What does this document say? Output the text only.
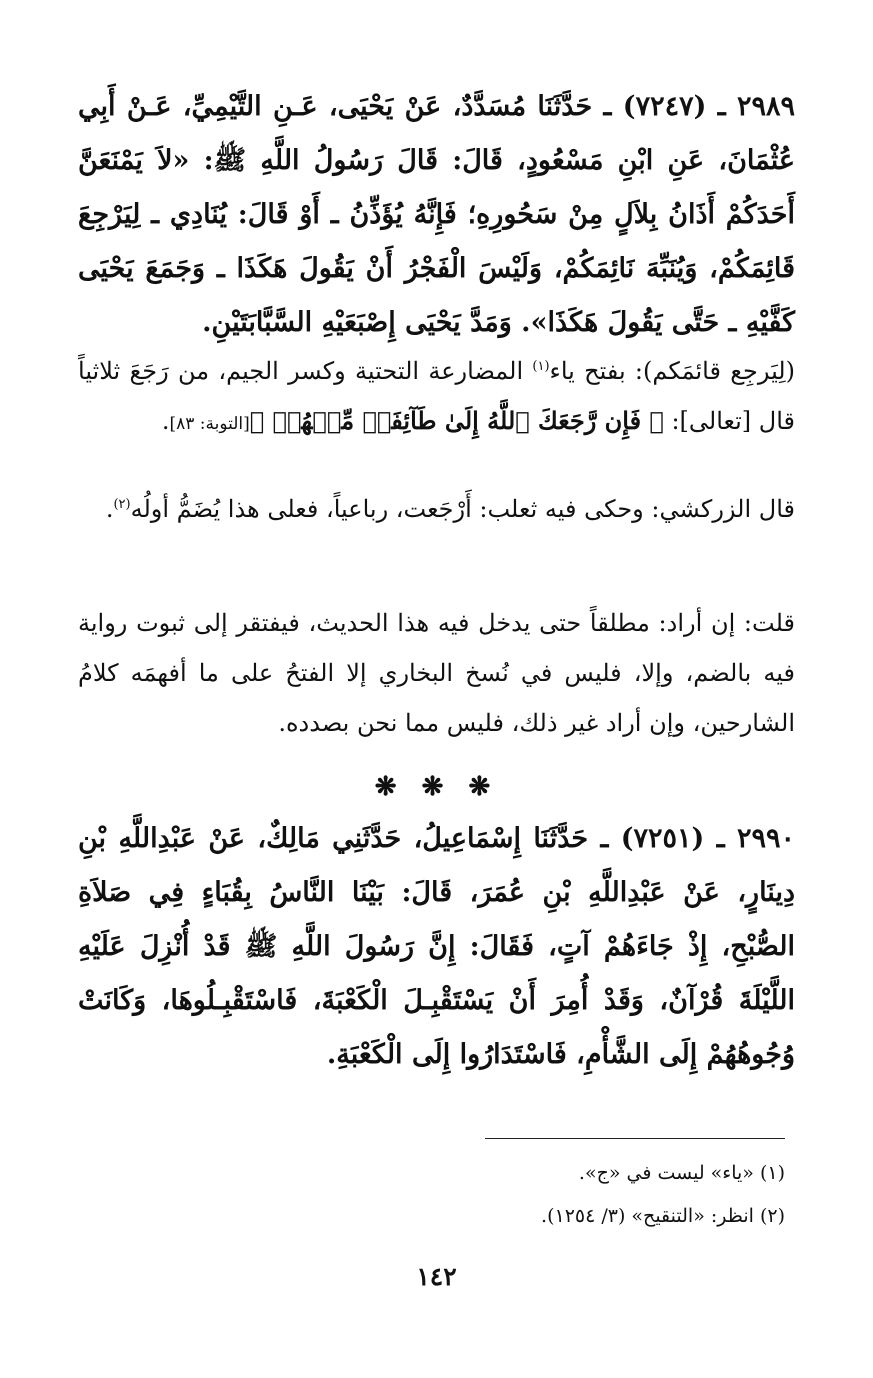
٢٩٨٩ ـ (٧٢٤٧) ـ حَدَّثَنَا مُسَدَّدٌ، عَنْ يَحْيَى، عَـنِ التَّيْمِيِّ، عَـنْ أَبِي عُثْمَانَ، عَنِ ابْنِ مَسْعُودٍ، قَالَ: قَالَ رَسُولُ اللَّهِ ﷺ: «لاَ يَمْنَعَنَّ أَحَدَكُمْ أَذَانُ بِلاَلٍ مِنْ سَحُورِهِ؛ فَإِنَّهُ يُؤَذِّنُ ـ أَوْ قَالَ: يُنَادِي ـ لِيَرْجِعَ قَائِمَكُمْ، وَيُنَبِّهَ نَائِمَكُمْ، وَلَيْسَ الْفَجْرُ أَنْ يَقُولَ هَكَذَا ـ وَجَمَعَ يَحْيَى كَفَّيْهِ ـ حَتَّى يَقُولَ هَكَذَا». وَمَدَّ يَحْيَى إِصْبَعَيْهِ السَّبَّابَتَيْنِ.

(لِيَرجِع قائمَكم): بفتح ياء$^{(١)}$ المضارعة التحتية وكسر الجيم، من رَجَعَ ثلاثياً قال [تعالى]: ﴿ فَإِن رَّجَعَكَ ٱللَّهُ إِلَىٰ طَآئِفَةٖ مِّنۡهُمۡ ﴾[التوبة: ٨٣].

قال الزركشي: وحكى فيه ثعلب: أَرْجَعت، رباعياً، فعلى هذا يُضَمُّ أولُه$^{(٢)}$.

قلت: إن أراد: مطلقاً حتى يدخل فيه هذا الحديث، فيفتقر إلى ثبوت رواية فيه بالضم، وإلا، فليس في نُسخ البخاري إلا الفتحُ على ما أفهمَه كلامُ الشارحين، وإن أراد غير ذلك، فليس مما نحن بصدده.

❋ ❋ ❋

٢٩٩٠ ـ (٧٢٥١) ـ حَدَّثَنَا إِسْمَاعِيلُ، حَدَّثَنِي مَالِكٌ، عَنْ عَبْدِاللَّهِ بْنِ دِينَارٍ، عَنْ عَبْدِاللَّهِ بْنِ عُمَرَ، قَالَ: بَيْنَا النَّاسُ بِقُبَاءٍ فِي صَلاَةِ الصُّبْحِ، إِذْ جَاءَهُمْ آتٍ، فَقَالَ: إِنَّ رَسُولَ اللَّهِ ﷺ قَدْ أُنْزِلَ عَلَيْهِ اللَّيْلَةَ قُرْآنٌ، وَقَدْ أُمِرَ أَنْ يَسْتَقْبِـلَ الْكَعْبَةَ، فَاسْتَقْبِـلُوهَا، وَكَانَتْ وُجُوهُهُمْ إِلَى الشَّأْمِ، فَاسْتَدَارُوا إِلَى الْكَعْبَةِ.

(١) «ياء» ليست في «ج».
(٢) انظر: «التنقيح» (٣/ ١٢٥٤).
١٤٢
